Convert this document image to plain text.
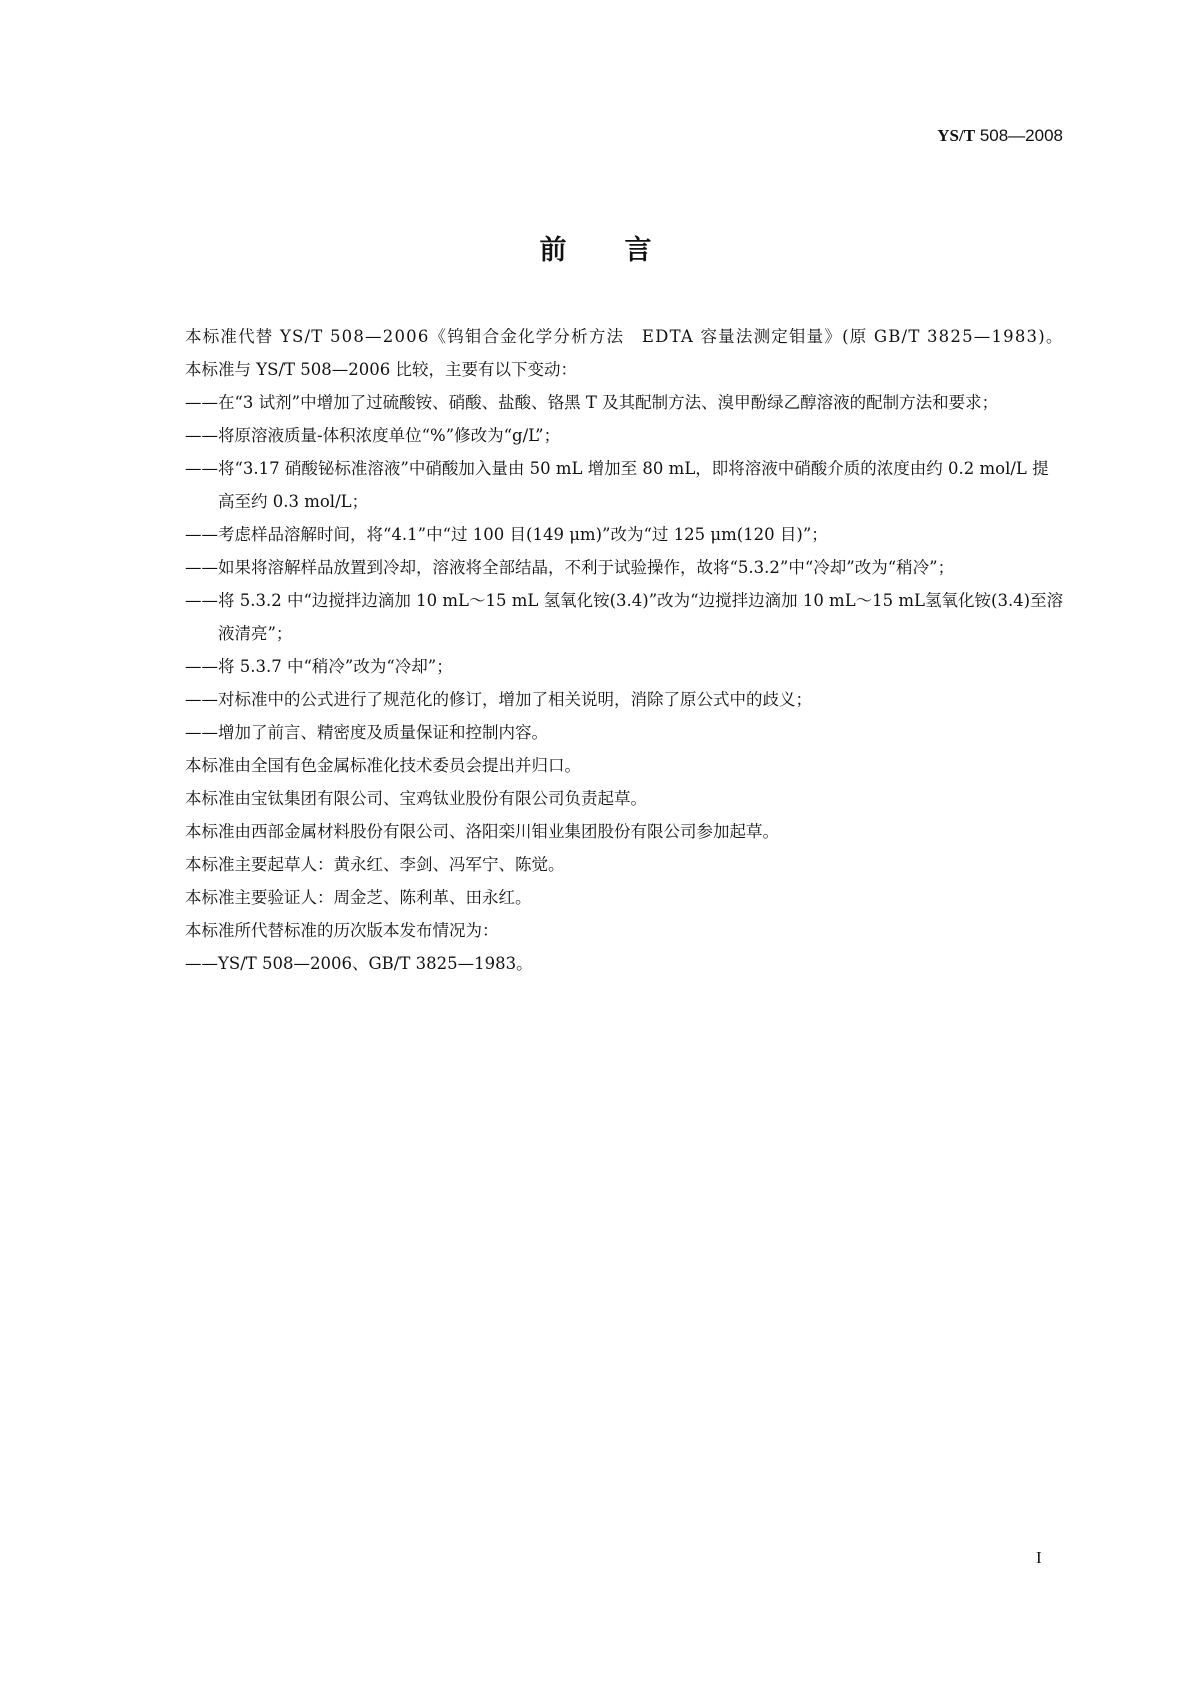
YS/T 508—2008
前言

本标准代替 YS/T 508—2006《钨钼合金化学分析方法　EDTA 容量法测定钼量》(原 GB/T 3825—1983)。

本标准与 YS/T 508—2006 比较，主要有以下变动：

——在“3 试剂”中增加了过硫酸铵、硝酸、盐酸、铬黑 T 及其配制方法、溴甲酚绿乙醇溶液的配制方法和要求；

——将原溶液质量-体积浓度单位“%”修改为“g/L”；

——将“3.17 硝酸铋标准溶液”中硝酸加入量由 50 mL 增加至 80 mL，即将溶液中硝酸介质的浓度由约 0.2 mol/L 提高至约 0.3 mol/L；

——考虑样品溶解时间，将“4.1”中“过 100 目(149 μm)”改为“过 125 μm(120 目)”；

——如果将溶解样品放置到冷却，溶液将全部结晶，不利于试验操作，故将“5.3.2”中“冷却”改为“稍冷”；

——将 5.3.2 中“边搅拌边滴加 10 mL～15 mL 氢氧化铵(3.4)”改为“边搅拌边滴加 10 mL～15 mL氢氧化铵(3.4)至溶液清亮”；

——将 5.3.7 中“稍冷”改为“冷却”；

——对标准中的公式进行了规范化的修订，增加了相关说明，消除了原公式中的歧义；

——增加了前言、精密度及质量保证和控制内容。

本标准由全国有色金属标准化技术委员会提出并归口。

本标准由宝钛集团有限公司、宝鸡钛业股份有限公司负责起草。

本标准由西部金属材料股份有限公司、洛阳栾川钼业集团股份有限公司参加起草。

本标准主要起草人：黄永红、李剑、冯军宁、陈觉。

本标准主要验证人：周金芝、陈利革、田永红。

本标准所代替标准的历次版本发布情况为：

——YS/T 508—2006、GB/T 3825—1983。

I
